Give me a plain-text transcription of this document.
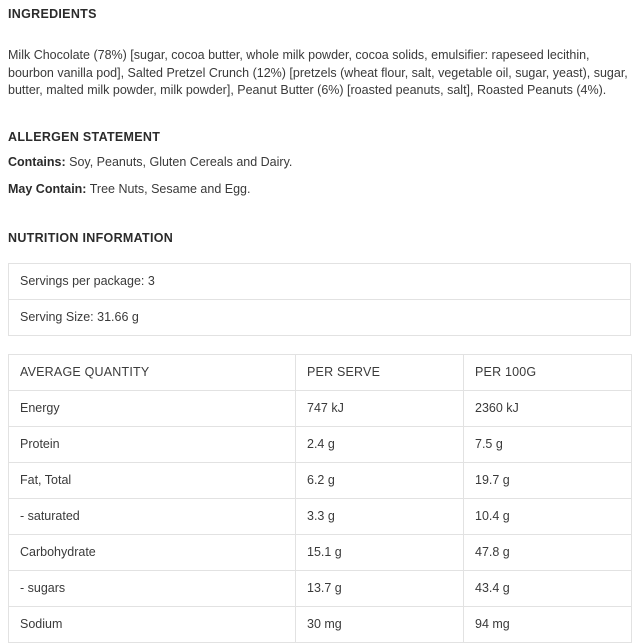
INGREDIENTS

Milk Chocolate (78%) [sugar, cocoa butter, whole milk powder, cocoa solids, emulsifier: rapeseed lecithin, bourbon vanilla pod], Salted Pretzel Crunch (12%) [pretzels (wheat flour, salt, vegetable oil, sugar, yeast), sugar, butter, malted milk powder, milk powder], Peanut Butter (6%) [roasted peanuts, salt], Roasted Peanuts (4%).

ALLERGEN STATEMENT

Contains: Soy, Peanuts, Gluten Cereals and Dairy.

May Contain: Tree Nuts, Sesame and Egg.

NUTRITION INFORMATION
Servings per package: 3
Serving Size: 31.66 g
AVERAGE QUANTITY	PER SERVE	PER 100G
Energy	747 kJ	2360 kJ
Protein	2.4 g	7.5 g
Fat, Total	6.2 g	19.7 g
- saturated	3.3 g	10.4 g
Carbohydrate	15.1 g	47.8 g
- sugars	13.7 g	43.4 g
Sodium	30 mg	94 mg
